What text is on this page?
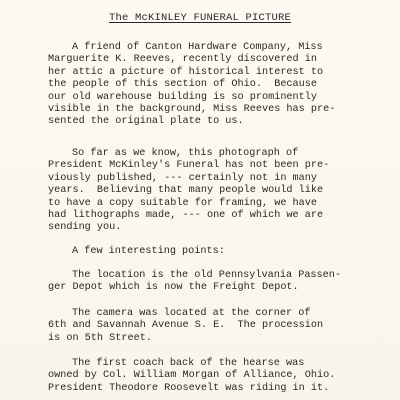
The McKINLEY FUNERAL PICTURE

A friend of Canton Hardware Company, Miss
Marguerite K. Reeves, recently discovered in
her attic a picture of historical interest to
the people of this section of Ohio.  Because
our old warehouse building is so prominently
visible in the background, Miss Reeves has pre-
sented the original plate to us.

So far as we know, this photograph of
President McKinley's Funeral has not been pre-
viously published, --- certainly not in many
years.  Believing that many people would like
to have a copy suitable for framing, we have
had lithographs made, --- one of which we are
sending you.

A few interesting points:

The location is the old Pennsylvania Passen-
ger Depot which is now the Freight Depot.

The camera was located at the corner of
6th and Savannah Avenue S. E.  The procession
is on 5th Street.

The first coach back of the hearse was
owned by Col. William Morgan of Alliance, Ohio.
President Theodore Roosevelt was riding in it.
